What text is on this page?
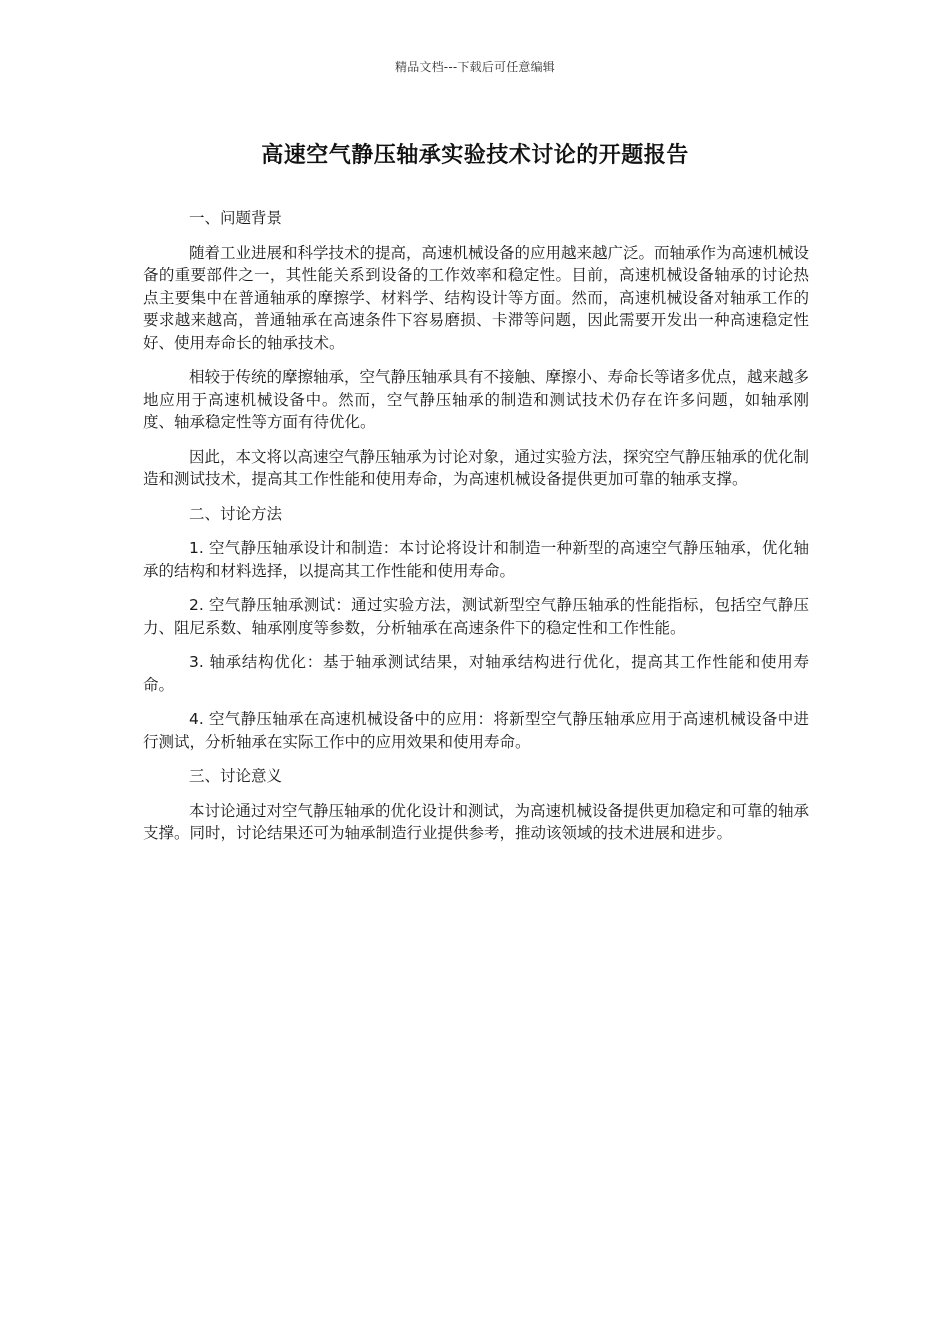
精品文档---下载后可任意编辑
高速空气静压轴承实验技术讨论的开题报告
一、问题背景

随着工业进展和科学技术的提高，高速机械设备的应用越来越广泛。而轴承作为高速机械设备的重要部件之一，其性能关系到设备的工作效率和稳定性。目前，高速机械设备轴承的讨论热点主要集中在普通轴承的摩擦学、材料学、结构设计等方面。然而，高速机械设备对轴承工作的要求越来越高，普通轴承在高速条件下容易磨损、卡滞等问题，因此需要开发出一种高速稳定性好、使用寿命长的轴承技术。

相较于传统的摩擦轴承，空气静压轴承具有不接触、摩擦小、寿命长等诸多优点，越来越多地应用于高速机械设备中。然而，空气静压轴承的制造和测试技术仍存在许多问题，如轴承刚度、轴承稳定性等方面有待优化。

因此，本文将以高速空气静压轴承为讨论对象，通过实验方法，探究空气静压轴承的优化制造和测试技术，提高其工作性能和使用寿命，为高速机械设备提供更加可靠的轴承支撑。

二、讨论方法

1. 空气静压轴承设计和制造：本讨论将设计和制造一种新型的高速空气静压轴承，优化轴承的结构和材料选择，以提高其工作性能和使用寿命。

2. 空气静压轴承测试：通过实验方法，测试新型空气静压轴承的性能指标，包括空气静压力、阻尼系数、轴承刚度等参数，分析轴承在高速条件下的稳定性和工作性能。

3. 轴承结构优化：基于轴承测试结果，对轴承结构进行优化，提高其工作性能和使用寿命。

4. 空气静压轴承在高速机械设备中的应用：将新型空气静压轴承应用于高速机械设备中进行测试，分析轴承在实际工作中的应用效果和使用寿命。

三、讨论意义

本讨论通过对空气静压轴承的优化设计和测试，为高速机械设备提供更加稳定和可靠的轴承支撑。同时，讨论结果还可为轴承制造行业提供参考，推动该领域的技术进展和进步。
